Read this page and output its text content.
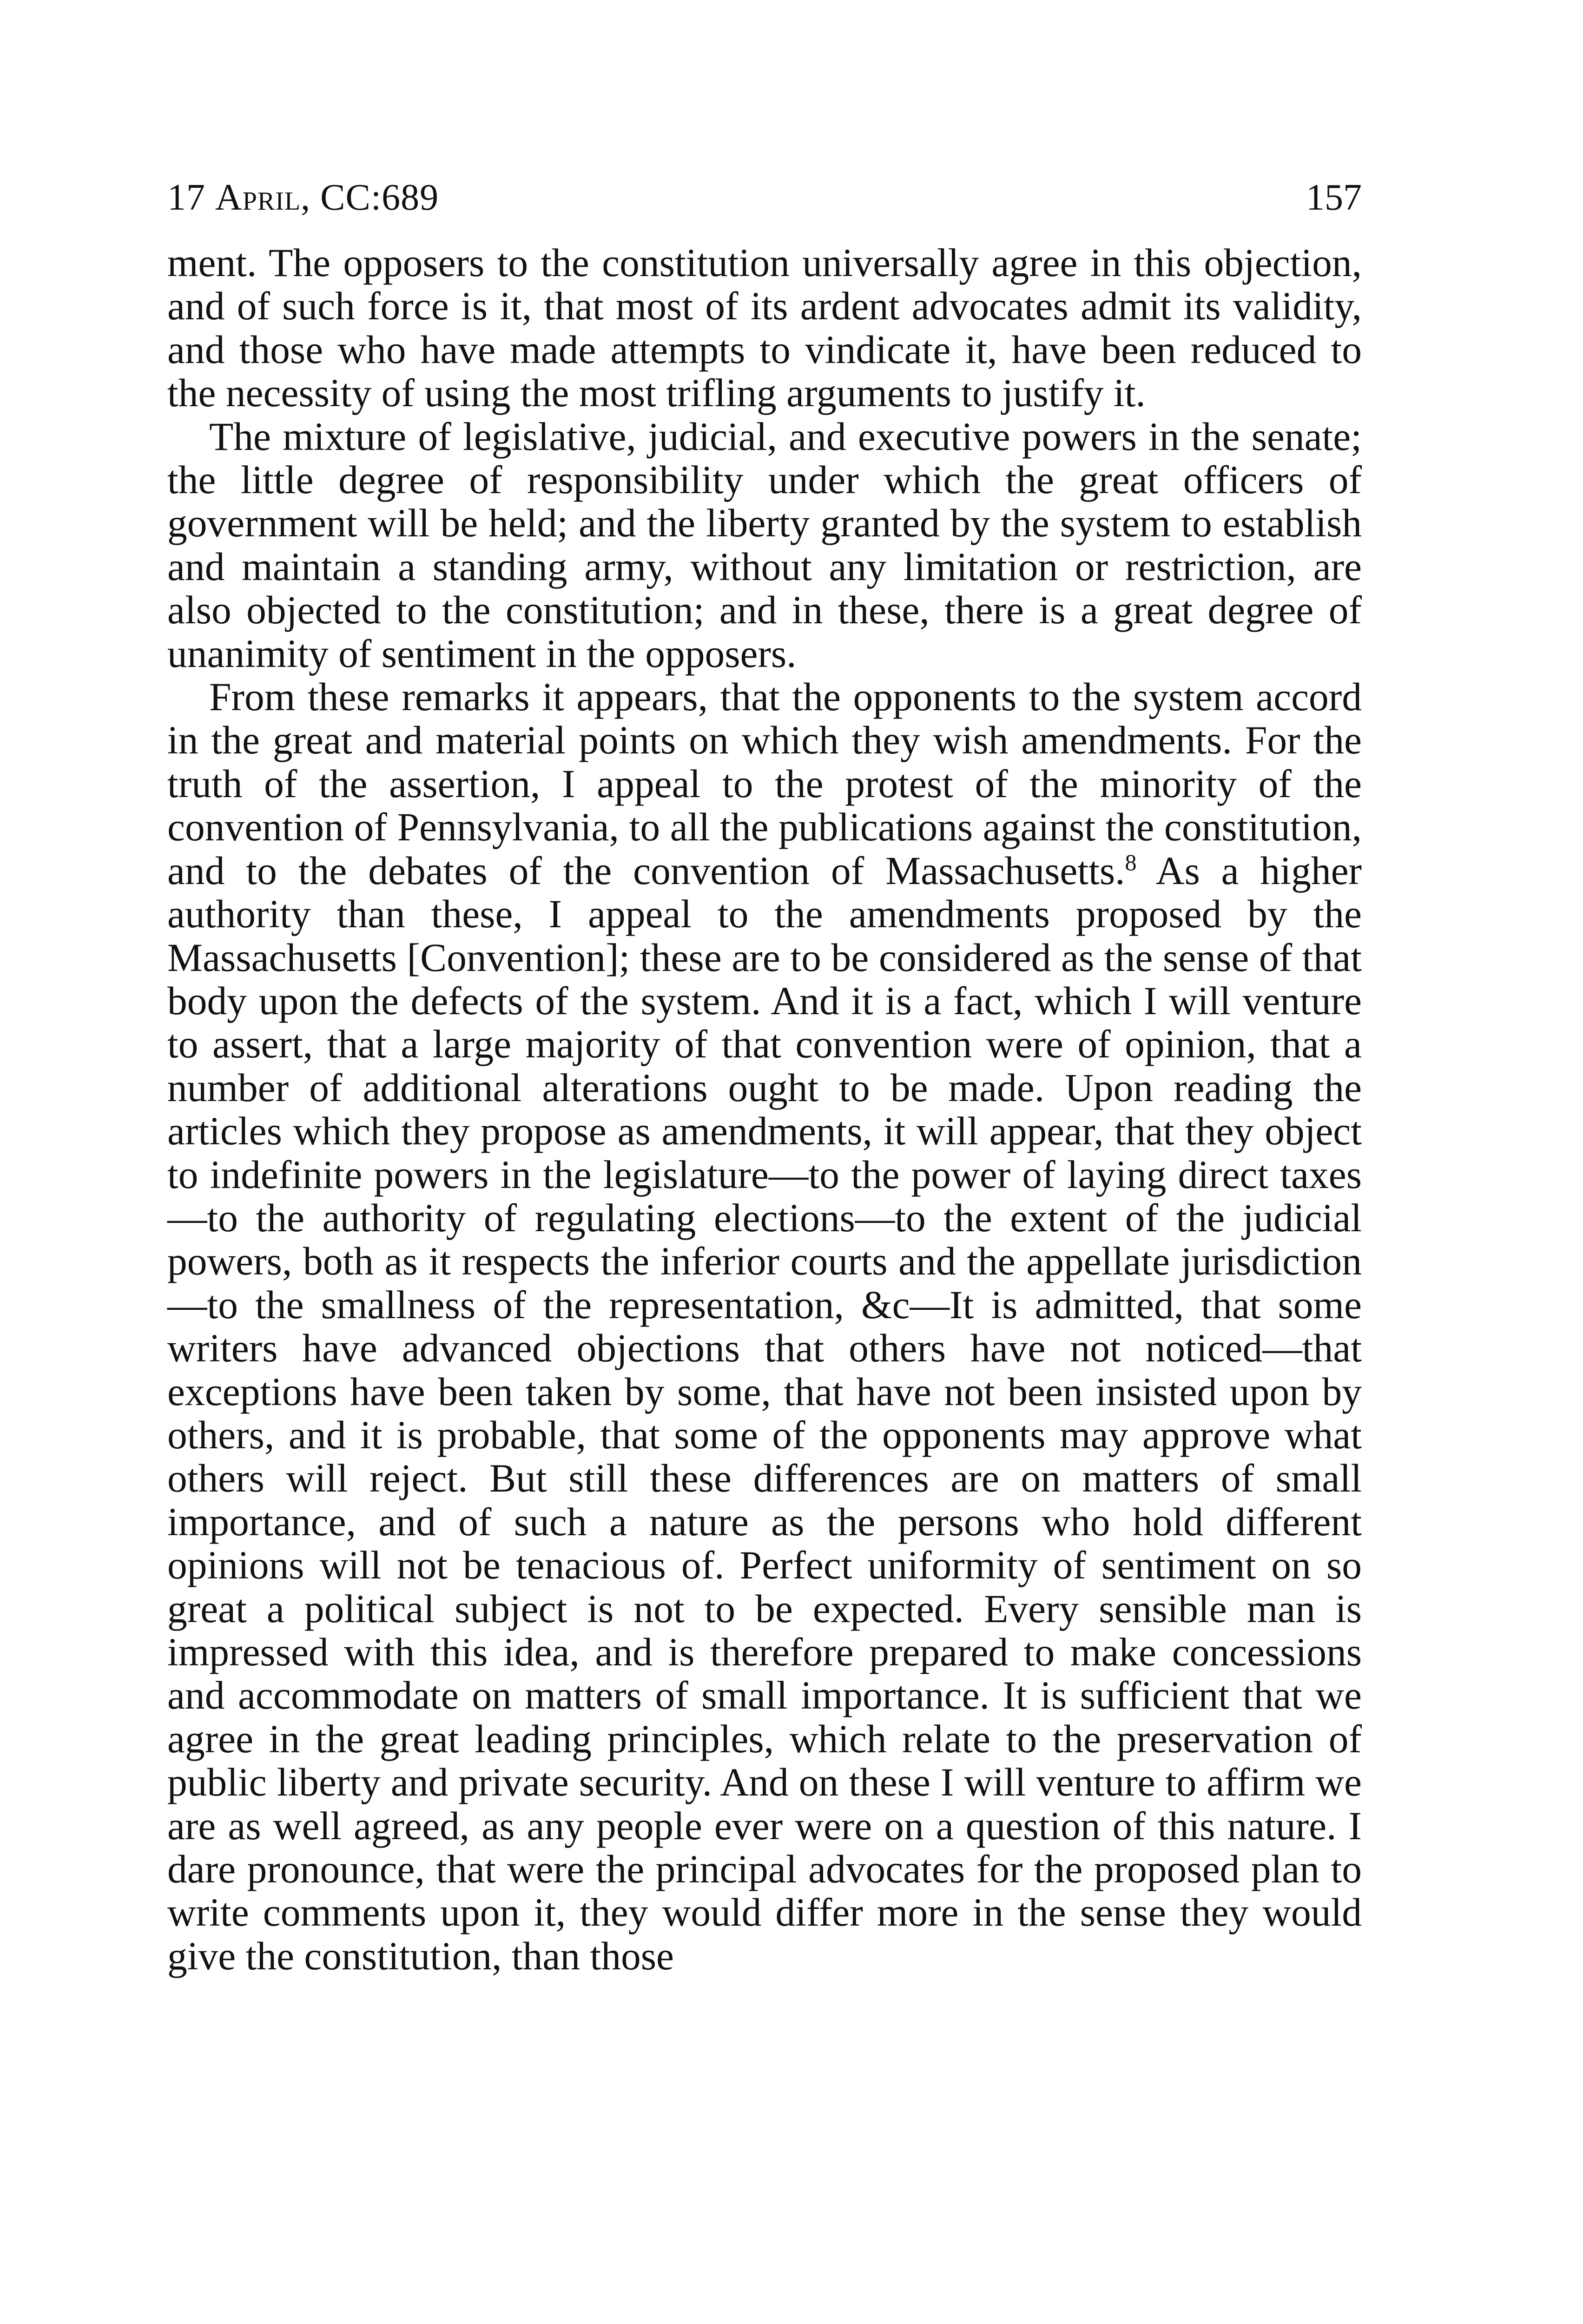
17 April, CC:689	157

ment. The opposers to the constitution universally agree in this objection, and of such force is it, that most of its ardent advocates admit its validity, and those who have made attempts to vindicate it, have been reduced to the necessity of using the most trifling arguments to justify it.

The mixture of legislative, judicial, and executive powers in the senate; the little degree of responsibility under which the great officers of government will be held; and the liberty granted by the system to establish and maintain a standing army, without any limitation or restriction, are also objected to the constitution; and in these, there is a great degree of unanimity of sentiment in the opposers.

From these remarks it appears, that the opponents to the system accord in the great and material points on which they wish amendments. For the truth of the assertion, I appeal to the protest of the minority of the convention of Pennsylvania, to all the publications against the constitution, and to the debates of the convention of Massachusetts.$^8$ As a higher authority than these, I appeal to the amendments proposed by the Massachusetts [Convention]; these are to be considered as the sense of that body upon the defects of the system. And it is a fact, which I will venture to assert, that a large majority of that convention were of opinion, that a number of additional alterations ought to be made. Upon reading the articles which they propose as amendments, it will appear, that they object to indefinite powers in the legislature—to the power of laying direct taxes—to the authority of regulating elections—to the extent of the judicial powers, both as it respects the inferior courts and the appellate jurisdiction—to the smallness of the representation, &c—It is admitted, that some writers have advanced objections that others have not noticed—that exceptions have been taken by some, that have not been insisted upon by others, and it is probable, that some of the opponents may approve what others will reject. But still these differences are on matters of small importance, and of such a nature as the persons who hold different opinions will not be tenacious of. Perfect uniformity of sentiment on so great a political subject is not to be expected. Every sensible man is impressed with this idea, and is therefore prepared to make concessions and accommodate on matters of small importance. It is sufficient that we agree in the great leading principles, which relate to the preservation of public liberty and private security. And on these I will venture to affirm we are as well agreed, as any people ever were on a question of this nature. I dare pronounce, that were the principal advocates for the proposed plan to write comments upon it, they would differ more in the sense they would give the constitution, than those
